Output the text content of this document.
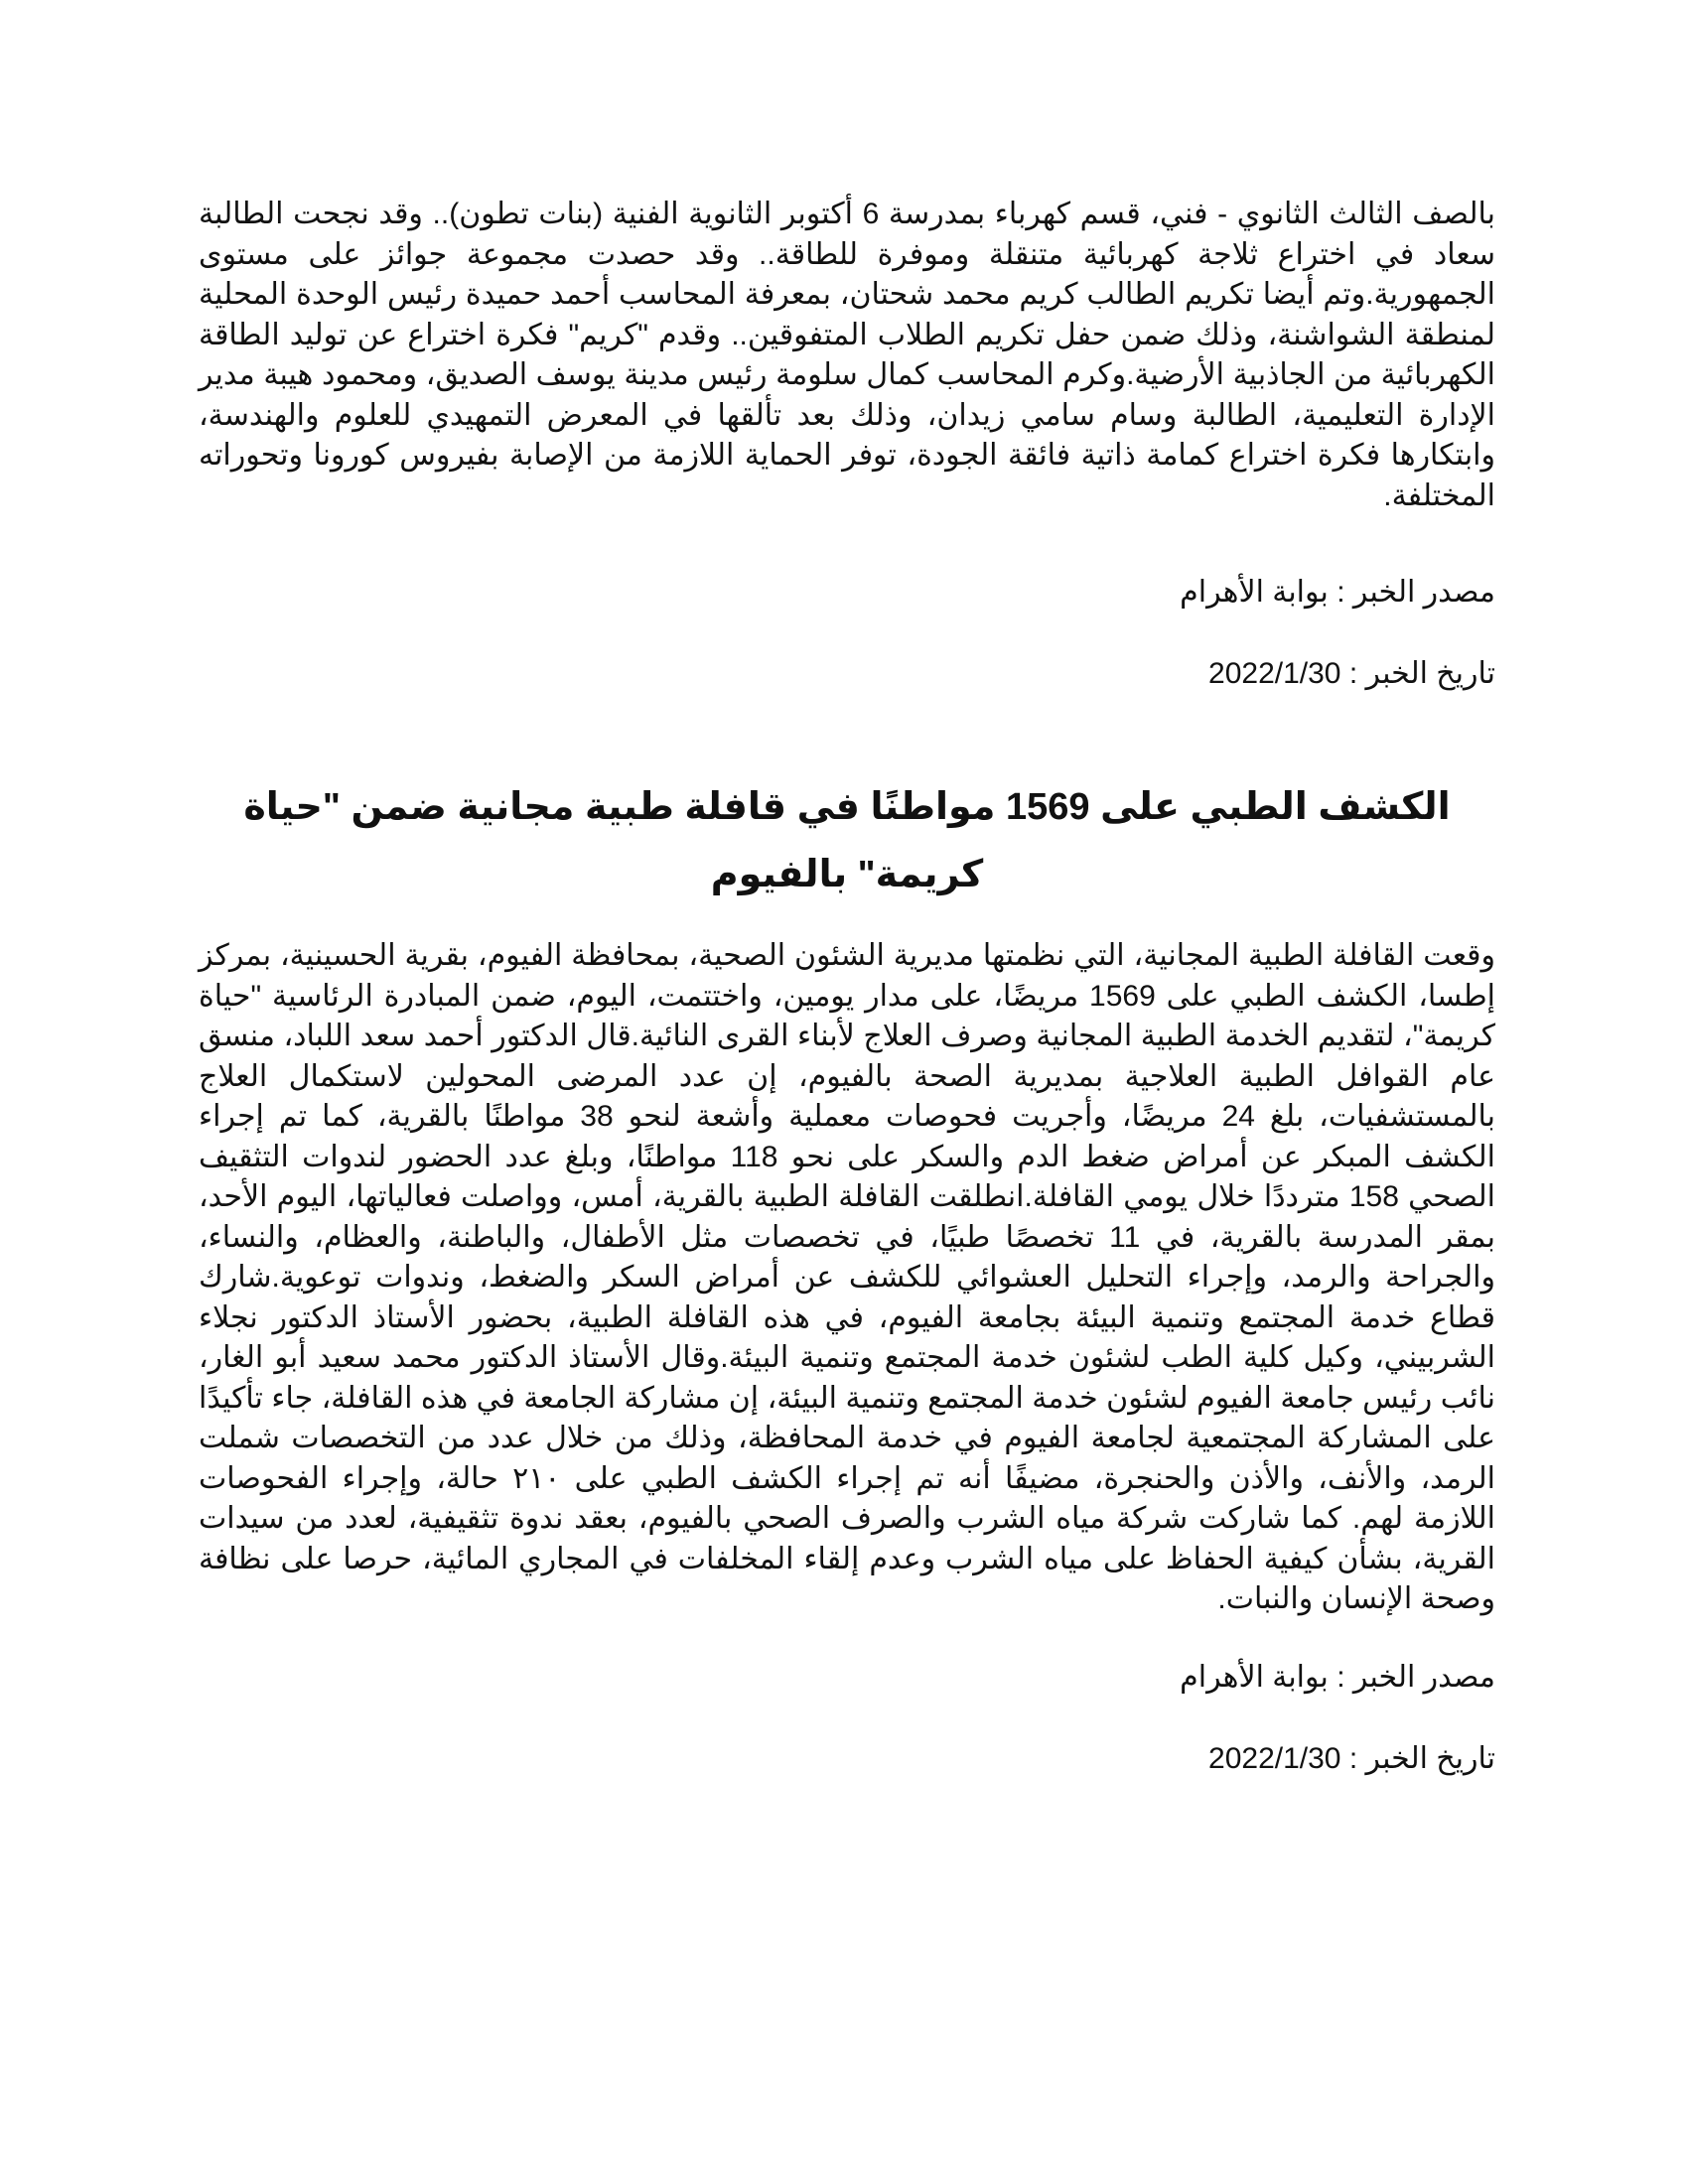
بالصف الثالث الثانوي - فني، قسم كهرباء بمدرسة 6 أكتوبر الثانوية الفنية (بنات تطون).. وقد نجحت الطالبة سعاد في اختراع ثلاجة كهربائية متنقلة وموفرة للطاقة.. وقد حصدت مجموعة جوائز على مستوى الجمهورية.وتم أيضا تكريم الطالب كريم محمد شحتان، بمعرفة المحاسب أحمد حميدة رئيس الوحدة المحلية لمنطقة الشواشنة، وذلك ضمن حفل تكريم الطلاب المتفوقين.. وقدم "كريم" فكرة اختراع عن توليد الطاقة الكهربائية من الجاذبية الأرضية.وكرم المحاسب كمال سلومة رئيس مدينة يوسف الصديق، ومحمود هيبة مدير الإدارة التعليمية، الطالبة وسام سامي زيدان، وذلك بعد تألقها في المعرض التمهيدي للعلوم والهندسة، وابتكارها فكرة اختراع كمامة ذاتية فائقة الجودة، توفر الحماية اللازمة من الإصابة بفيروس كورونا وتحوراته المختلفة.

مصدر الخبر : بوابة الأهرام

تاريخ الخبر : 2022/1/30

الكشف الطبي على 1569 مواطنًا في قافلة طبية مجانية ضمن "حياة كريمة" بالفيوم

وقعت القافلة الطبية المجانية، التي نظمتها مديرية الشئون الصحية، بمحافظة الفيوم، بقرية الحسينية، بمركز إطسا، الكشف الطبي على 1569 مريضًا، على مدار يومين، واختتمت، اليوم، ضمن المبادرة الرئاسية "حياة كريمة"، لتقديم الخدمة الطبية المجانية وصرف العلاج لأبناء القرى النائية.قال الدكتور أحمد سعد اللباد، منسق عام القوافل الطبية العلاجية بمديرية الصحة بالفيوم، إن عدد المرضى المحولين لاستكمال العلاج بالمستشفيات، بلغ 24 مريضًا، وأجريت فحوصات معملية وأشعة لنحو 38 مواطنًا بالقرية، كما تم إجراء الكشف المبكر عن أمراض ضغط الدم والسكر على نحو 118 مواطنًا، وبلغ عدد الحضور لندوات التثقيف الصحي 158 مترددًا خلال يومي القافلة.انطلقت القافلة الطبية بالقرية، أمس، وواصلت فعالياتها، اليوم الأحد، بمقر المدرسة بالقرية، في 11 تخصصًا طبيًا، في تخصصات مثل الأطفال، والباطنة، والعظام، والنساء، والجراحة والرمد، وإجراء التحليل العشوائي للكشف عن أمراض السكر والضغط، وندوات توعوية.شارك قطاع خدمة المجتمع وتنمية البيئة بجامعة الفيوم، في هذه القافلة الطبية، بحضور الأستاذ الدكتور نجلاء الشربيني، وكيل كلية الطب لشئون خدمة المجتمع وتنمية البيئة.وقال الأستاذ الدكتور محمد سعيد أبو الغار، نائب رئيس جامعة الفيوم لشئون خدمة المجتمع وتنمية البيئة، إن مشاركة الجامعة في هذه القافلة، جاء تأكيدًا على المشاركة المجتمعية لجامعة الفيوم في خدمة المحافظة، وذلك من خلال عدد من التخصصات شملت الرمد، والأنف، والأذن والحنجرة، مضيفًا أنه تم إجراء الكشف الطبي على ٢١٠ حالة، وإجراء الفحوصات اللازمة لهم. كما شاركت شركة مياه الشرب والصرف الصحي بالفيوم، بعقد ندوة تثقيفية، لعدد من سيدات القرية، بشأن كيفية الحفاظ على مياه الشرب وعدم إلقاء المخلفات في المجاري المائية، حرصا على نظافة وصحة الإنسان والنبات.

مصدر الخبر : بوابة الأهرام

تاريخ الخبر : 2022/1/30
